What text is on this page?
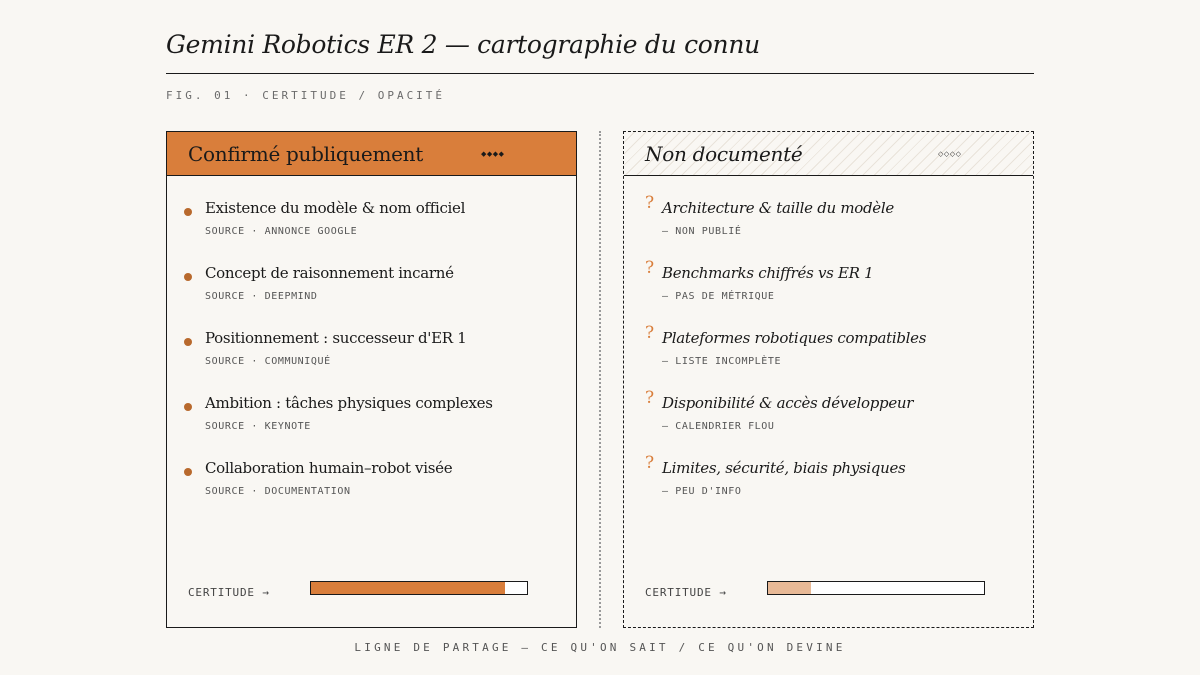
Gemini Robotics ER 2 — cartographie du connu
FIG. 01 · CERTITUDE / OPACITÉ
Confirmé publiquement	◆◆◆◆
Existence du modèle & nom officiel
SOURCE · ANNONCE GOOGLE
Concept de raisonnement incarné
SOURCE · DEEPMIND
Positionnement : successeur d'ER 1
SOURCE · COMMUNIQUÉ
Ambition : tâches physiques complexes
SOURCE · KEYNOTE
Collaboration humain–robot visée
SOURCE · DOCUMENTATION
CERTITUDE →
Non documenté	◇◇◇◇
? Architecture & taille du modèle
— NON PUBLIÉ
? Benchmarks chiffrés vs ER 1
— PAS DE MÉTRIQUE
? Plateformes robotiques compatibles
— LISTE INCOMPLÈTE
? Disponibilité & accès développeur
— CALENDRIER FLOU
? Limites, sécurité, biais physiques
— PEU D'INFO
CERTITUDE →
LIGNE DE PARTAGE — CE QU'ON SAIT / CE QU'ON DEVINE
